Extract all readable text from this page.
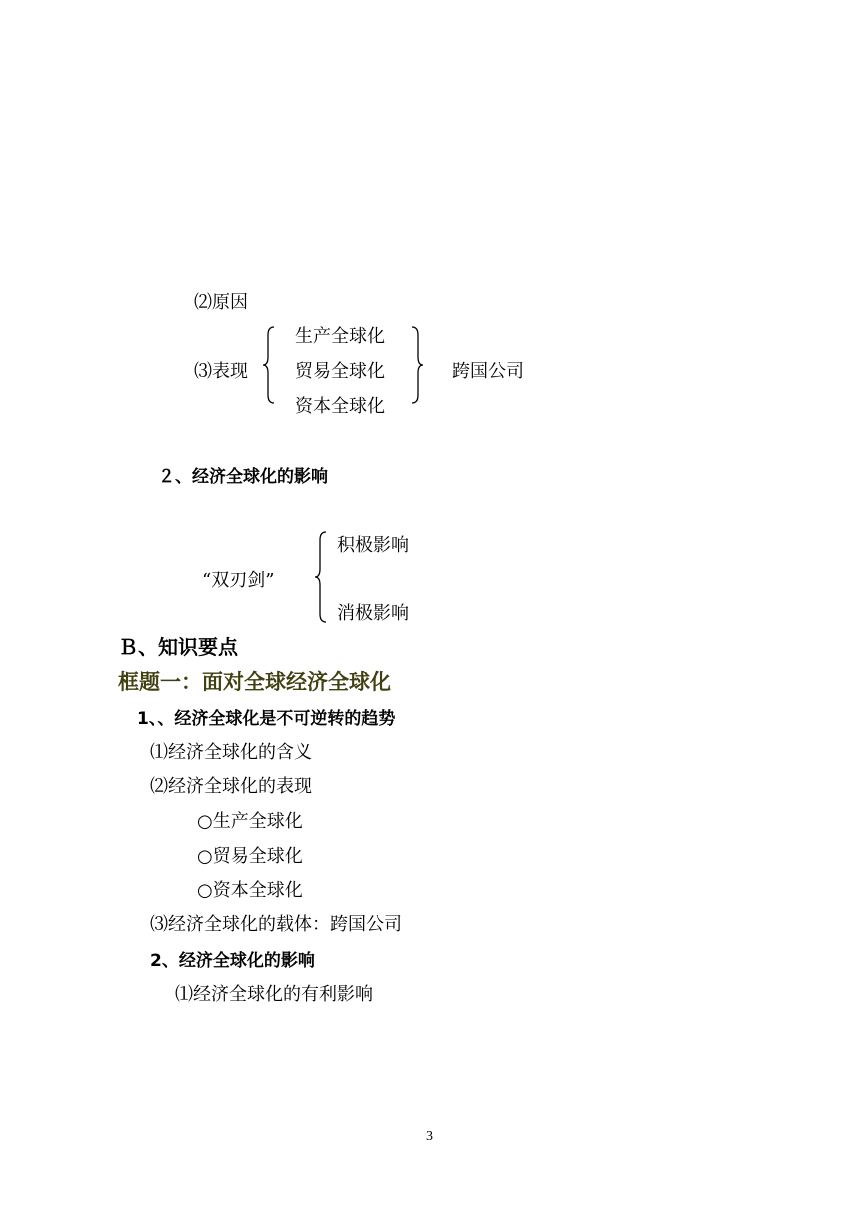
⑵原因
⑶表现
生产全球化
贸易全球化
资本全球化
跨国公司
２、经济全球化的影响
“双刃剑”
积极影响
消极影响
Ｂ、知识要点
框题一：面对全球经济全球化
1、、经济全球化是不可逆转的趋势
⑴经济全球化的含义
⑵经济全球化的表现
○生产全球化
○贸易全球化
○资本全球化
⑶经济全球化的载体：跨国公司
2、经济全球化的影响
⑴经济全球化的有利影响
3
